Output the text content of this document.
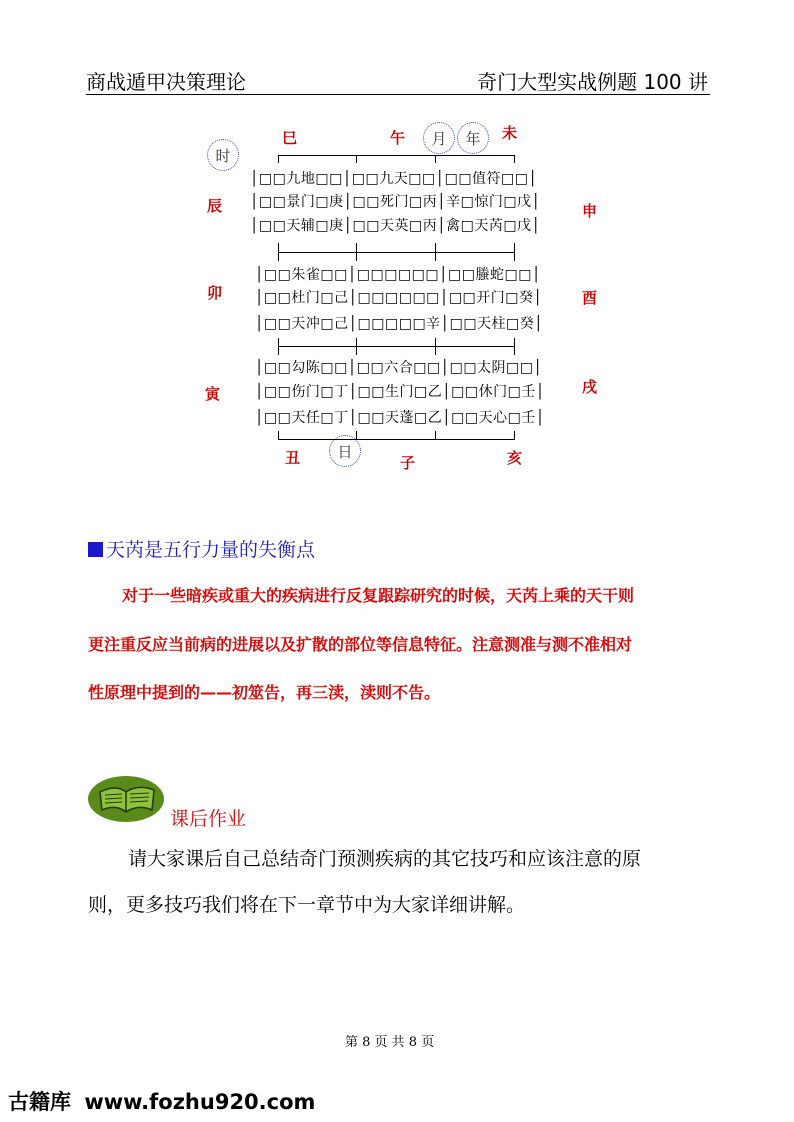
商战遁甲决策理论	奇门大型实战例题 100 讲
巳	午	未
时
月	年
日
辰	申
卯	酉
寅	戌
丑	子	亥
│□□九地□□│□□九天□□│□□值符□□│
│□□景门□庚│□□死门□丙│辛□惊门□戊│
│□□天辅□庚│□□天英□丙│禽□天芮□戊│
│□□朱雀□□│□□□□□□│□□螣蛇□□│
│□□杜门□己│□□□□□□│□□开门□癸│
│□□天冲□己│□□□□□辛│□□天柱□癸│
│□□勾陈□□│□□六合□□│□□太阴□□│
│□□伤门□丁│□□生门□乙│□□休门□壬│
│□□天任□丁│□□天蓬□乙│□□天心□壬│
天芮是五行力量的失衡点
对于一些暗疾或重大的疾病进行反复跟踪研究的时候，天芮上乘的天干则
更注重反应当前病的进展以及扩散的部位等信息特征。注意测准与测不准相对
性原理中提到的——初筮告，再三渎，渎则不告。
课后作业
请大家课后自己总结奇门预测疾病的其它技巧和应该注意的原
则，更多技巧我们将在下一章节中为大家详细讲解。
第 8 页 共 8 页
古籍库 www.fozhu920.com
